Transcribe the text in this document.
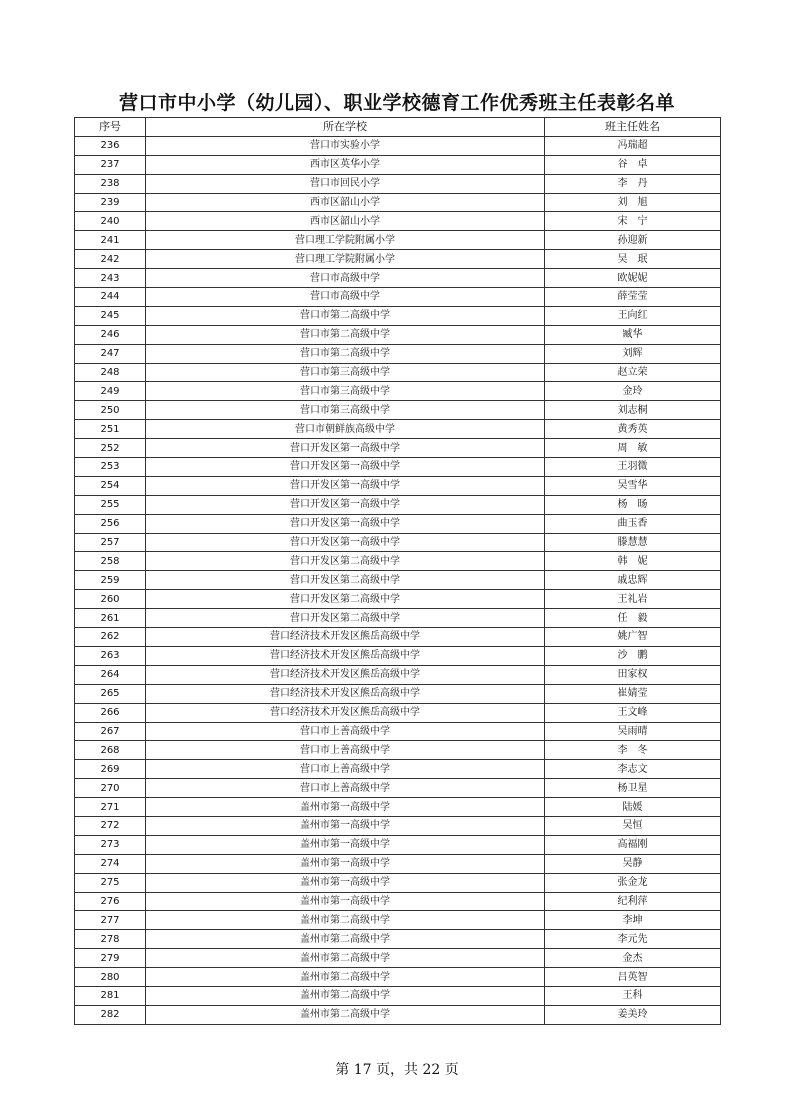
营口市中小学（幼儿园）、职业学校德育工作优秀班主任表彰名单
序号	所在学校	班主任姓名
236	营口市实验小学	冯瑞超
237	西市区英华小学	谷　卓
238	营口市回民小学	李　丹
239	西市区韶山小学	刘　旭
240	西市区韶山小学	宋　宁
241	营口理工学院附属小学	孙迎新
242	营口理工学院附属小学	吴　珉
243	营口市高级中学	欧妮妮
244	营口市高级中学	薛莹莹
245	营口市第二高级中学	王向红
246	营口市第二高级中学	臧华
247	营口市第二高级中学	刘辉
248	营口市第三高级中学	赵立荣
249	营口市第三高级中学	金玲
250	营口市第三高级中学	刘志桐
251	营口市朝鲜族高级中学	黄秀英
252	营口开发区第一高级中学	周　敏
253	营口开发区第一高级中学	王羽微
254	营口开发区第一高级中学	吴雪华
255	营口开发区第一高级中学	杨　旸
256	营口开发区第一高级中学	曲玉香
257	营口开发区第一高级中学	滕慧慧
258	营口开发区第二高级中学	韩　妮
259	营口开发区第二高级中学	戚忠辉
260	营口开发区第二高级中学	王礼岩
261	营口开发区第二高级中学	任　毅
262	营口经济技术开发区熊岳高级中学	姚广智
263	营口经济技术开发区熊岳高级中学	沙　鹏
264	营口经济技术开发区熊岳高级中学	田家权
265	营口经济技术开发区熊岳高级中学	崔婧莹
266	营口经济技术开发区熊岳高级中学	王文峰
267	营口市上善高级中学	吴雨晴
268	营口市上善高级中学	李　冬
269	营口市上善高级中学	李志文
270	营口市上善高级中学	杨卫星
271	盖州市第一高级中学	陆媛
272	盖州市第一高级中学	吴恒
273	盖州市第一高级中学	高福刚
274	盖州市第一高级中学	吴静
275	盖州市第一高级中学	张金龙
276	盖州市第一高级中学	纪利萍
277	盖州市第二高级中学	李坤
278	盖州市第二高级中学	李元先
279	盖州市第二高级中学	金杰
280	盖州市第二高级中学	吕英智
281	盖州市第二高级中学	王科
282	盖州市第二高级中学	姜美玲
第 17 页，共 22 页
